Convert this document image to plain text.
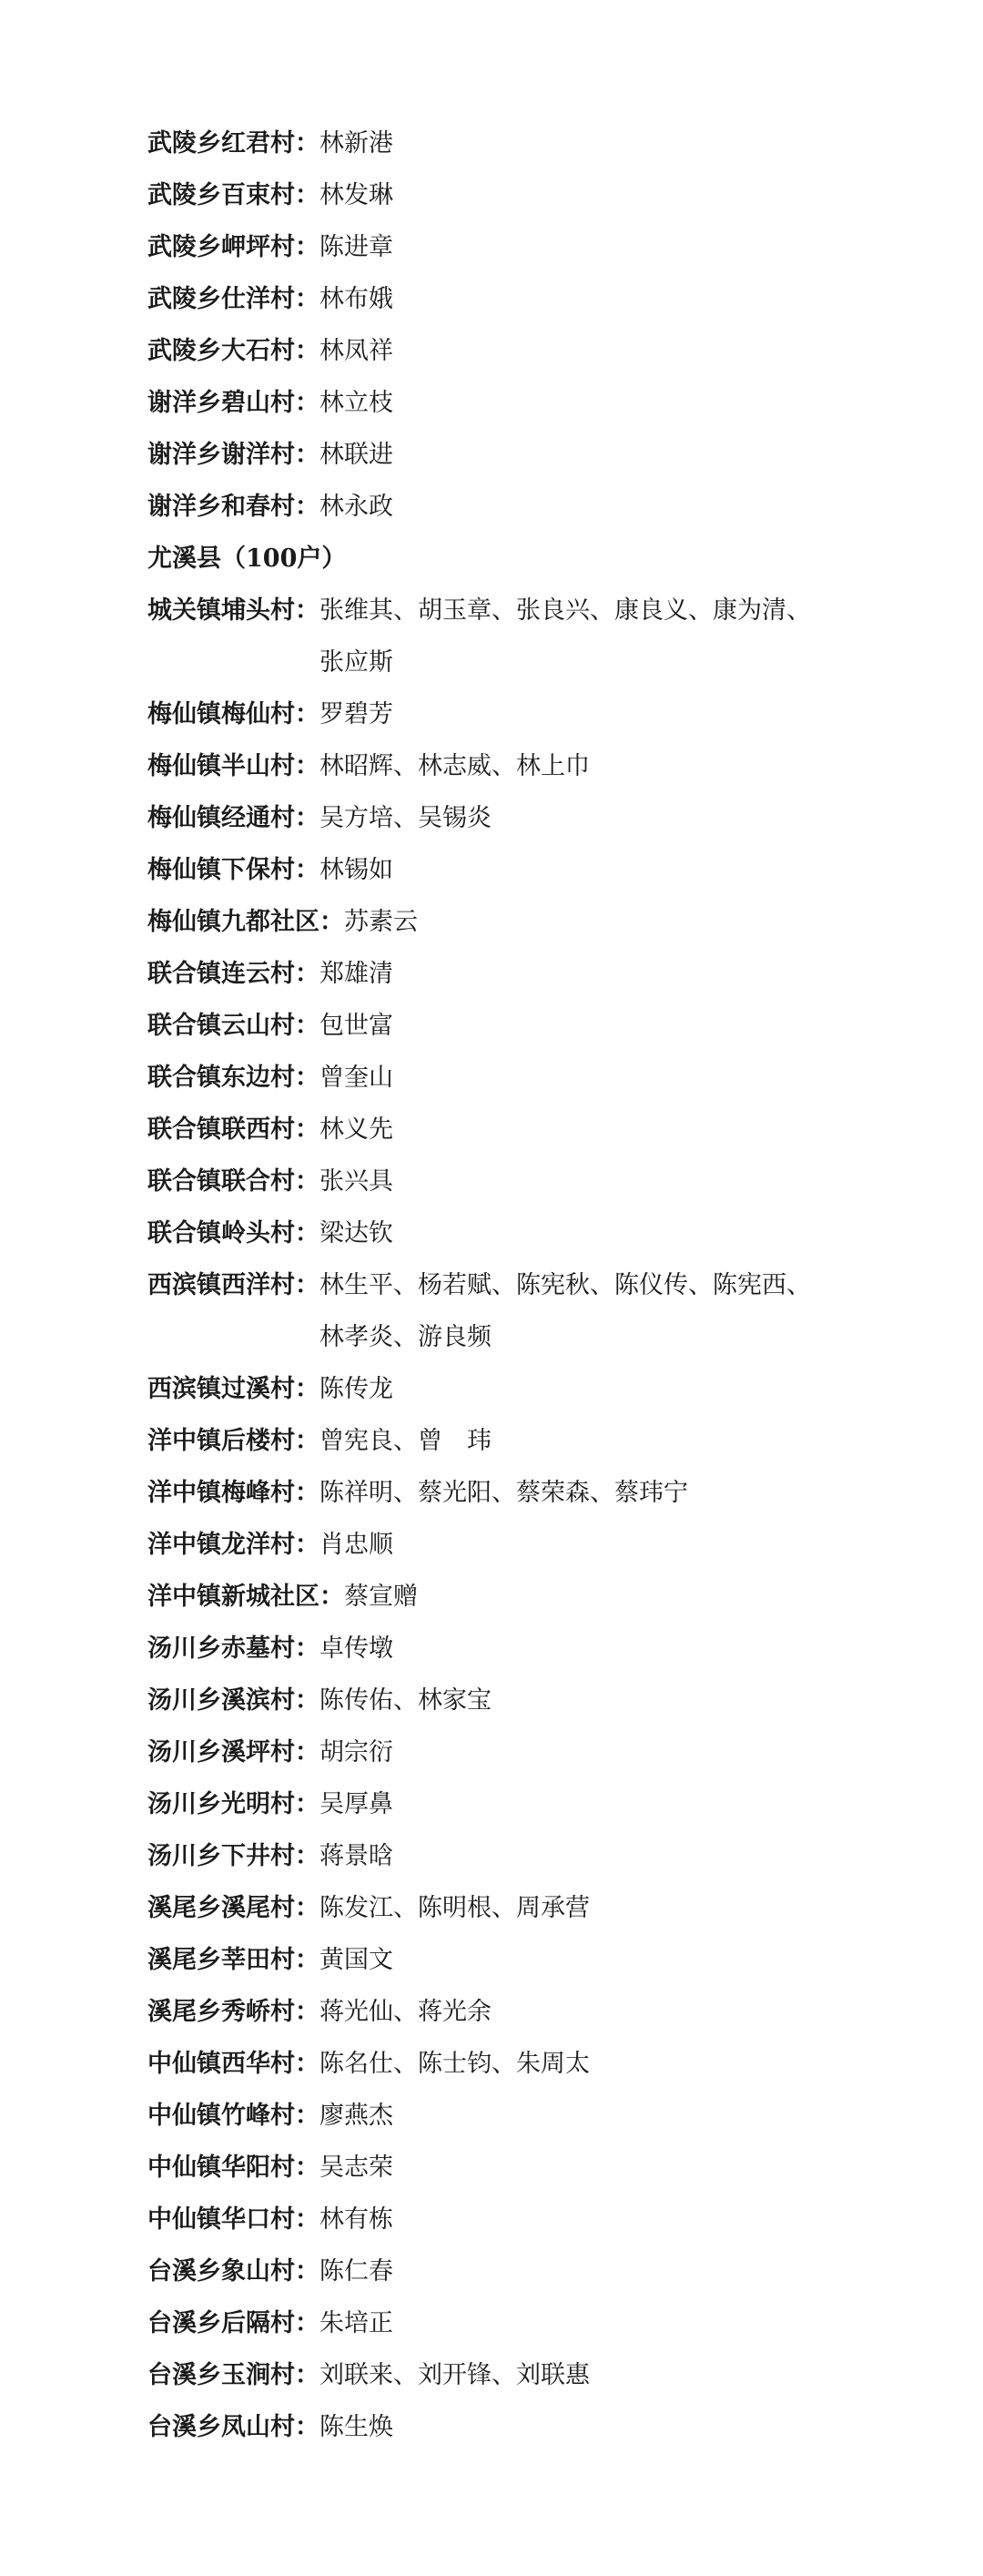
武陵乡红君村： 林新港
武陵乡百束村： 林发琳
武陵乡岬坪村： 陈进章
武陵乡仕洋村： 林布娥
武陵乡大石村： 林凤祥
谢洋乡碧山村： 林立枝
谢洋乡谢洋村： 林联进
谢洋乡和春村： 林永政
尤溪县（100户）
城关镇埔头村： 张维其、胡玉章、张良兴、康良义、康为清、张应斯
梅仙镇梅仙村： 罗碧芳
梅仙镇半山村： 林昭辉、林志威、林上巾
梅仙镇经通村： 吴方培、吴锡炎
梅仙镇下保村： 林锡如
梅仙镇九都社区： 苏素云
联合镇连云村： 郑雄清
联合镇云山村： 包世富
联合镇东边村： 曾奎山
联合镇联西村： 林义先
联合镇联合村： 张兴具
联合镇岭头村： 梁达钦
西滨镇西洋村： 林生平、杨若赋、陈宪秋、陈仪传、陈宪西、林孝炎、游良频
西滨镇过溪村： 陈传龙
洋中镇后楼村： 曾宪良、曾　玮
洋中镇梅峰村： 陈祥明、蔡光阳、蔡荣森、蔡玮宁
洋中镇龙洋村： 肖忠顺
洋中镇新城社区： 蔡宣赠
汤川乡赤墓村： 卓传墩
汤川乡溪滨村： 陈传佑、林家宝
汤川乡溪坪村： 胡宗衍
汤川乡光明村： 吴厚鼻
汤川乡下井村： 蒋景晗
溪尾乡溪尾村： 陈发江、陈明根、周承营
溪尾乡莘田村： 黄国文
溪尾乡秀峤村： 蒋光仙、蒋光余
中仙镇西华村： 陈名仕、陈士钧、朱周太
中仙镇竹峰村： 廖燕杰
中仙镇华阳村： 吴志荣
中仙镇华口村： 林有栋
台溪乡象山村： 陈仁春
台溪乡后隔村： 朱培正
台溪乡玉涧村： 刘联来、刘开锋、刘联惠
台溪乡凤山村： 陈生焕
